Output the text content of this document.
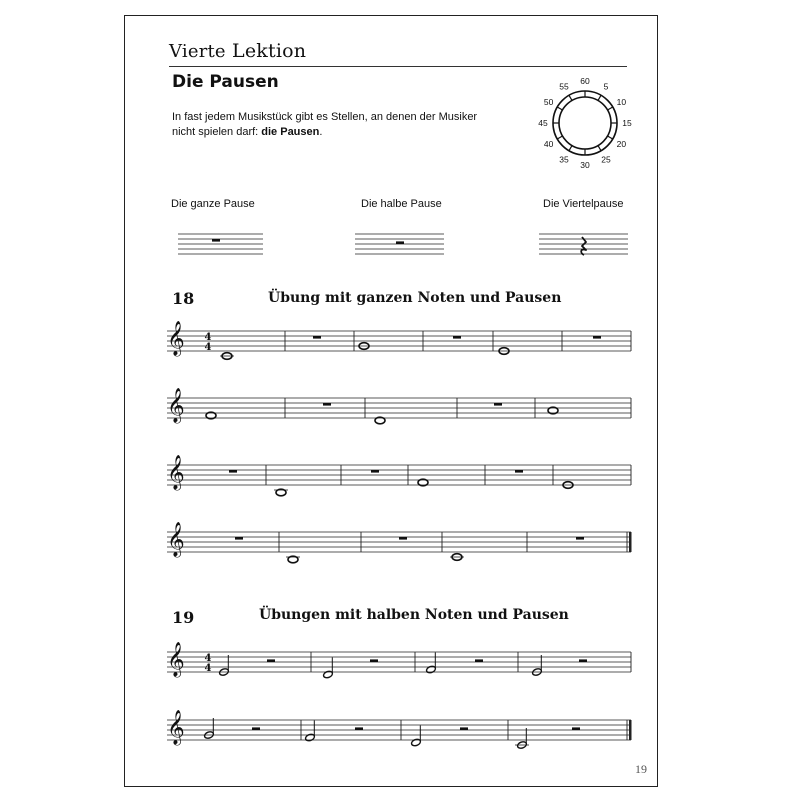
Vierte Lektion
Die Pausen
In fast jedem Musikstück gibt es Stellen, an denen der Musiker nicht spielen darf: die Pausen.
60
5
10
15
20
25
30
35
40
45
50
55
Die ganze Pause	Die halbe Pause	Die Viertelpause
18	Übung mit ganzen Noten und Pausen
19	Übungen mit halben Noten und Pausen
𝄞 4
4
𝄞
𝄞
𝄞
𝄞 4
4
𝄞
19
